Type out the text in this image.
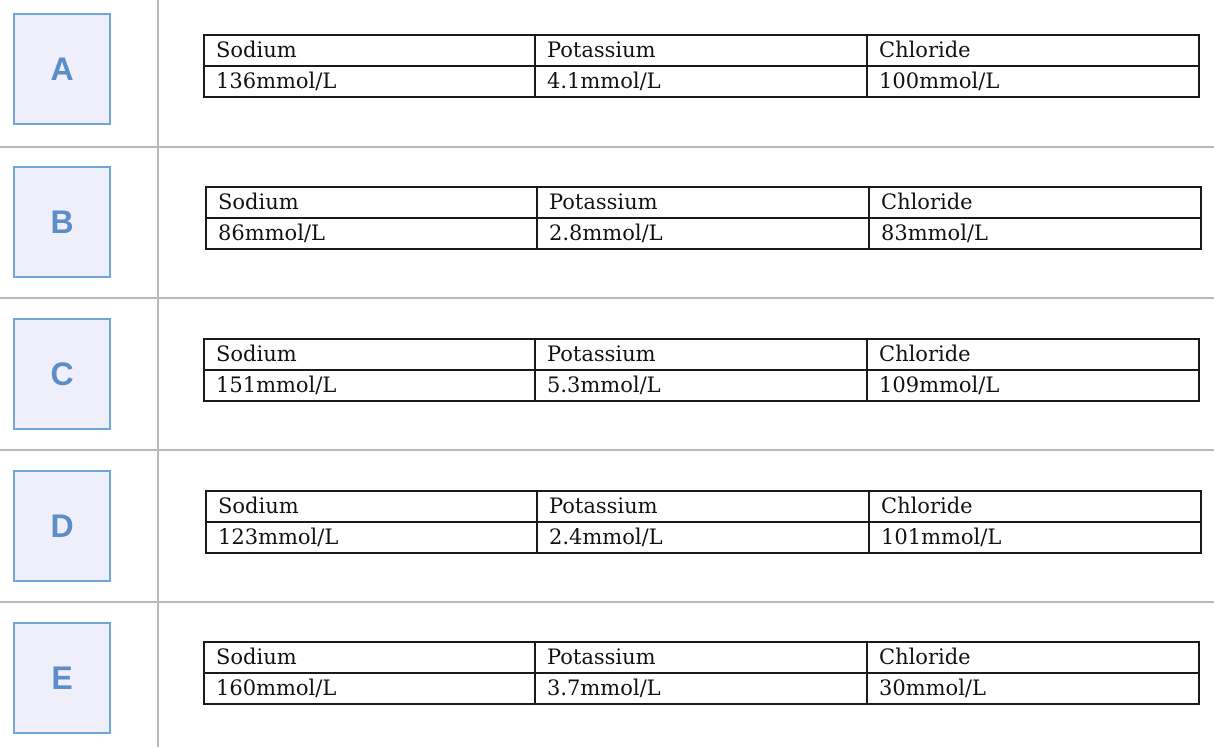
A
Sodium	Potassium	Chloride
136mmol/L	4.1mmol/L	100mmol/L
B
Sodium	Potassium	Chloride
86mmol/L	2.8mmol/L	83mmol/L
C
Sodium	Potassium	Chloride
151mmol/L	5.3mmol/L	109mmol/L
D
Sodium	Potassium	Chloride
123mmol/L	2.4mmol/L	101mmol/L
E
Sodium	Potassium	Chloride
160mmol/L	3.7mmol/L	30mmol/L
